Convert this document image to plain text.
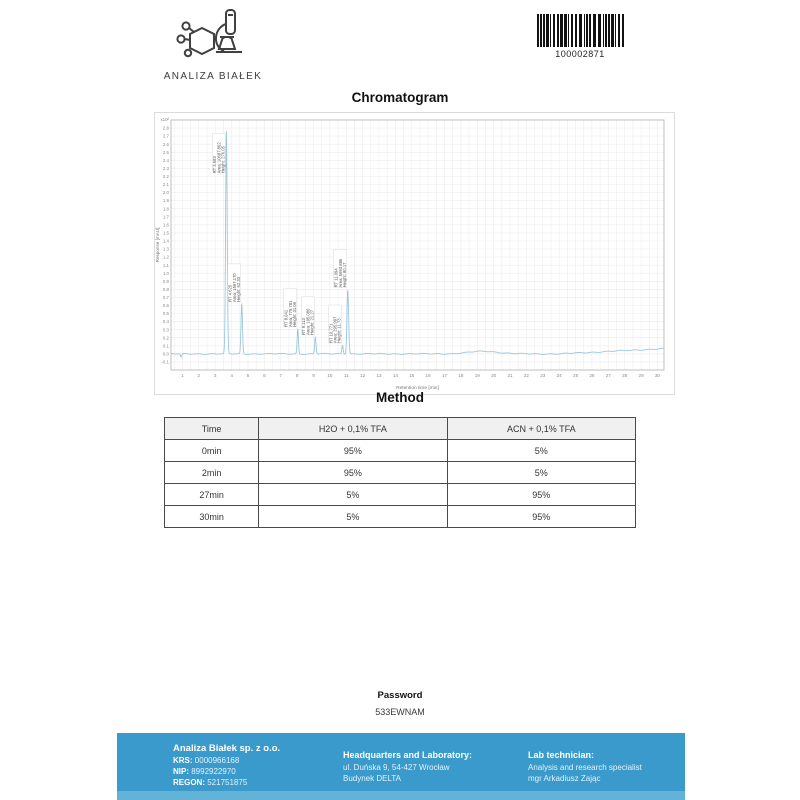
ANALIZA BIAŁEK
100002871
Chromatogram
1	2	3	4	5	6	7	8	9	10 11 12 13 14 15 16 17 18 19 20 21 22 23 24 25 26 27 28 29 30
-0.1
0.0
0.1
0.2
0.3
0.4
0.5
0.6
0.7
0.8
0.9
1.0
1.1
1.2
1.3
1.4
1.5
1.6
1.7
1.8
1.9
2.0
2.1
2.2
2.3
2.4
2.5
2.6
2.7
2.8
x10²
Retention time [min]
Response [mAU]
RT 3.683 Area: 10687.862 Height: 276.05
RT 4.620 Area: 1567.170 Height: 62.33
RT 8.041 Area: 775.781 Height: 31.06 RT 9.113 Area: 195.086 Height: 21.27	RT 10.771 Area: 295.997 Height: 11.73
RT 11.094 Area: 5693.886 Height: 80.17
Method
Time	H2O + 0,1% TFA	ACN + 0,1% TFA
0min	95%	5%
2min	95%	5%
27min	5%	95%
30min	5%	95%
Password
533EWNAM
Analiza Białek sp. z o.o.
KRS: 0000966168
NIP: 8992922970
REGON: 521751875
Headquarters and Laboratory:
ul. Duńska 9, 54-427 Wrocław
Budynek DELTA
Lab technician:
Analysis and research specialist
mgr Arkadiusz Zając
